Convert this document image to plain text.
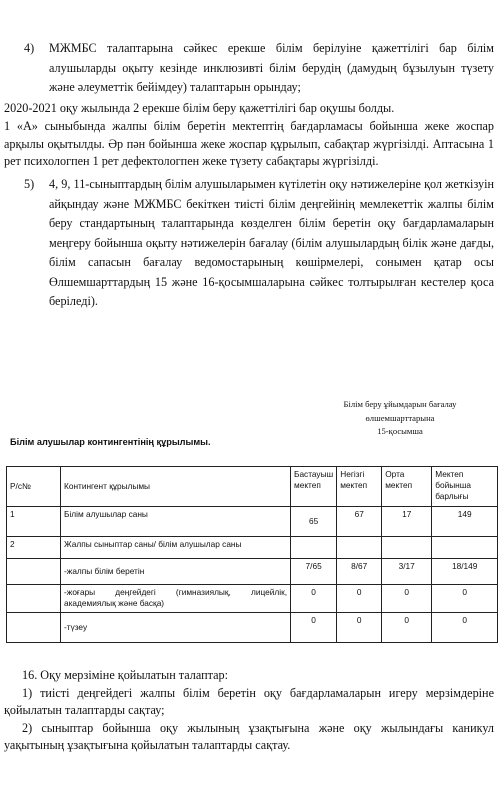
4) МЖМБС талаптарына сәйкес ерекше білім берілуіне қажеттілігі бар білім алушыларды оқыту кезінде инклюзивті білім берудің (дамудың бұзылуын түзету және әлеуметтік бейімдеу) талаптарын орындау;
2020-2021 оқу жылында 2 ерекше білім беру қажеттілігі бар оқушы болды.
1 «А» сыныбында жалпы білім беретін мектептің бағдарламасы бойынша жеке жоспар арқылы оқытылды. Әр пән бойынша жеке жоспар құрылып, сабақтар жүргізілді. Аптасына 1 рет психологпен 1 рет дефектологпен жеке түзету сабақтары жүргізілді.
5) 4, 9, 11-сыныптардың білім алушыларымен күтілетін оқу нәтижелеріне қол жеткізуін айқындау және МЖМБС бекіткен тиісті білім деңгейінің мемлекеттік жалпы білім беру стандартының талаптарында көзделген білім беретін оқу бағдарламаларын меңгеру бойынша оқыту нәтижелерін бағалау (білім алушылардың білік және дағды, білім сапасын бағалау ведомостарының көшірмелері, сонымен қатар осы Өлшемшарттардың 15 және 16-қосымшаларына сәйкес толтырылған кестелер қоса беріледі).
Білім беру ұйымдарын бағалау
өлшемшарттарына
15-қосымша
Білім алушылар контингентінің құрылымы.
Р/с№	Контингент құрылымы	Бастауыш мектеп	Негізгі мектеп	Орта мектеп	Мектеп бойынша барлығы
1	Білім алушылар саны	65	67	17	149
2	Жалпы сыныптар саны/ білім алушылар саны				
	-жалпы білім беретін	7/65	8/67	3/17	18/149
	-жоғары деңгейдегі (гимназиялық, лицейлік, академиялық және басқа)	0	0	0	0
	-түзеу	0	0	0	0
16. Оқу мерзіміне қойылатын талаптар:
1) тиісті деңгейдегі жалпы білім беретін оқу бағдарламаларын игеру мерзімдеріне қойылатын талаптарды сақтау;
2) сыныптар бойынша оқу жылының ұзақтығына және оқу жылындағы каникул уақытының ұзақтығына қойылатын талаптарды сақтау.
